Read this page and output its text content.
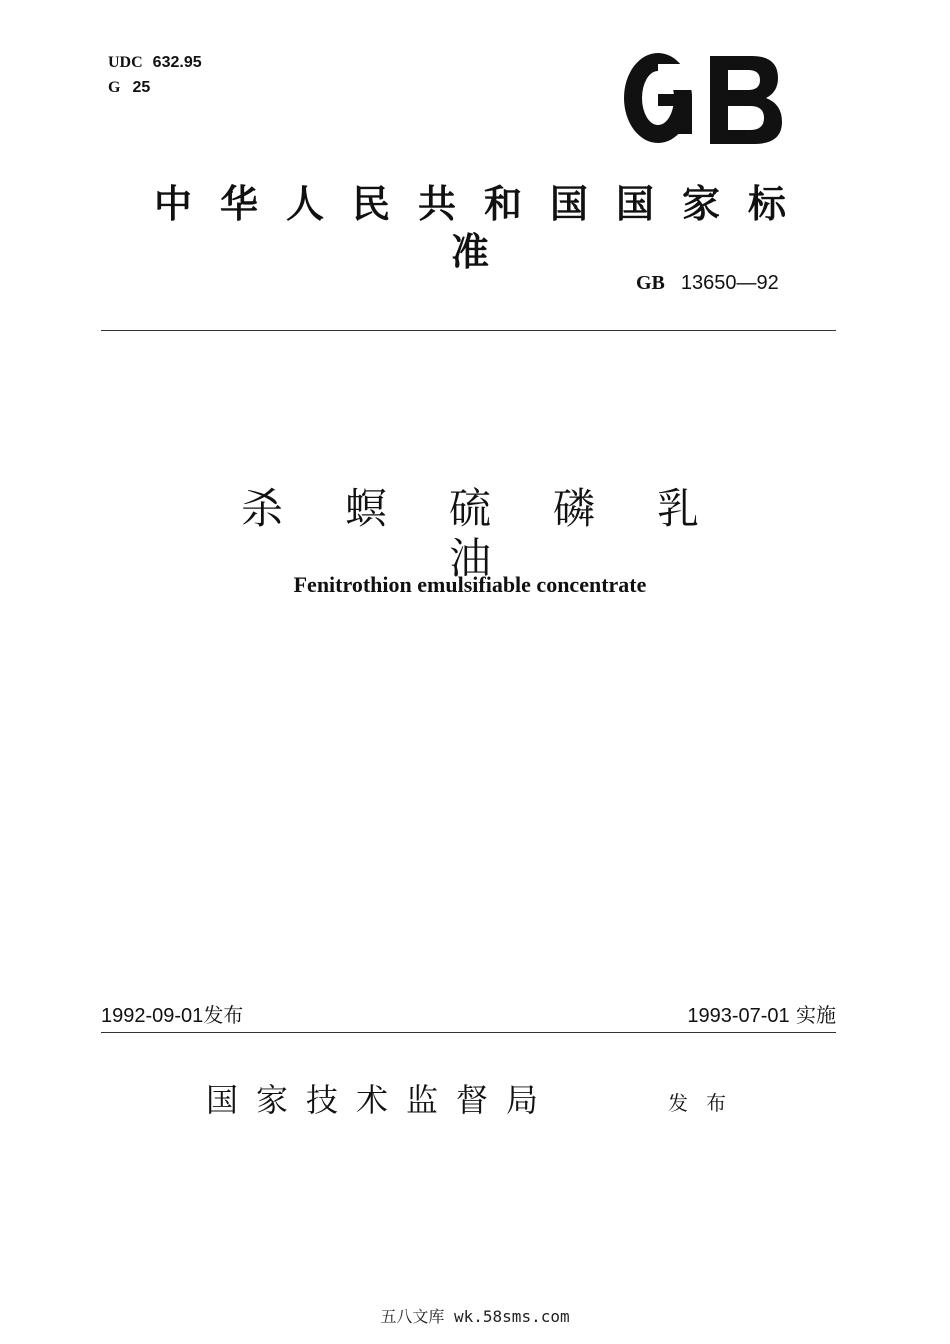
UDC 632.95
G 25
中华人民共和国国家标准
GB 13650—92
杀螟硫磷乳油
Fenitrothion emulsifiable concentrate
1992-09-01发布	1993-07-01 实施
国家技术监督局	发布
五八文库 wk.58sms.com
